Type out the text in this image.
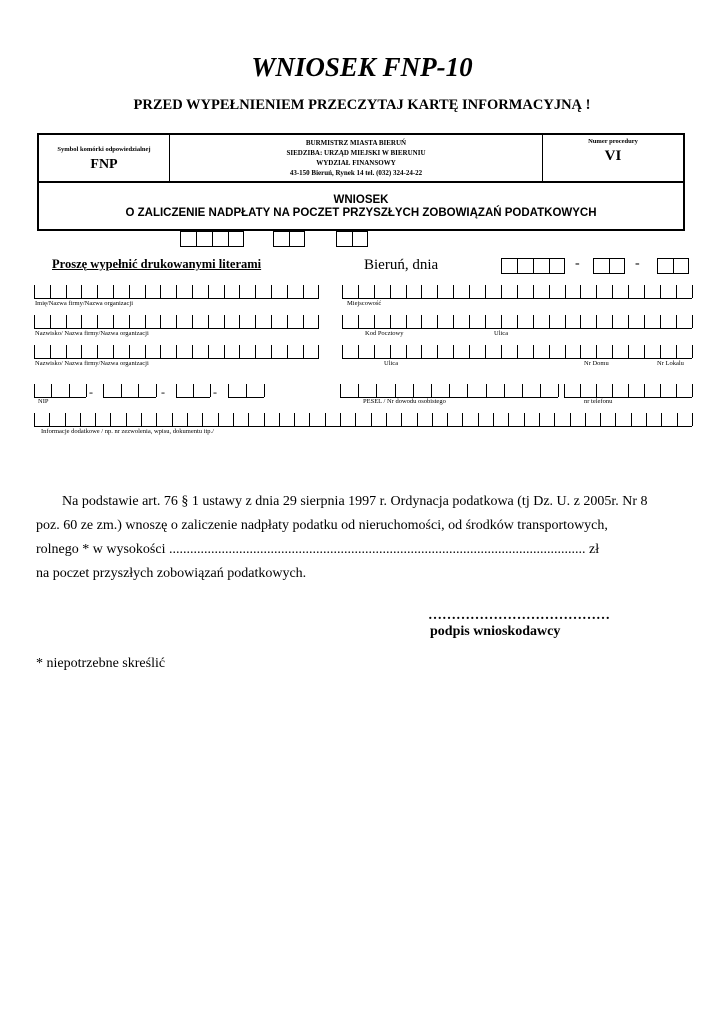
WNIOSEK FNP-10
PRZED WYPEŁNIENIEM PRZECZYTAJ KARTĘ INFORMACYJNĄ !
Symbol komórki odpowiedzialnej
FNP
BURMISTRZ MIASTA BIERUŃ
SIEDZIBA: URZĄD MIEJSKI W BIERUNIU
WYDZIAŁ FINANSOWY
43-150 Bieruń, Rynek 14 tel. (032) 324-24-22
Numer procedury
VI
WNIOSEK
O ZALICZENIE NADPŁATY NA POCZET PRZYSZŁYCH ZOBOWIĄZAŃ PODATKOWYCH
Proszę wypełnić drukowanymi literami	Bieruń, dnia	-	-
Imię/Nazwa firmy/Nazwa organizacji	Miejscowość
Nazwisko/ Nazwa firmy/Nazwa organizacji	Kod Pocztowy	Ulica
Nazwisko/ Nazwa firmy/Nazwa organizacji	Ulica	Nr Domu	Nr Lokalu
NIP	PESEL / Nr dowodu osobistego	nr telefonu
Informacje dodatkowe / np. nr zezwolenia, wpisu, dokumentu itp./
-	-	-
Na podstawie art. 76 § 1 ustawy z dnia 29 sierpnia 1997 r. Ordynacja podatkowa (tj Dz. U. z 2005r. Nr 8
poz. 60 ze zm.) wnoszę o zaliczenie nadpłaty podatku od nieruchomości, od środków transportowych,
rolnego * w wysokości ....................................................................................................................... zł
na poczet przyszłych zobowiązań podatkowych.
…………………………………
podpis wnioskodawcy
* niepotrzebne skreślić
